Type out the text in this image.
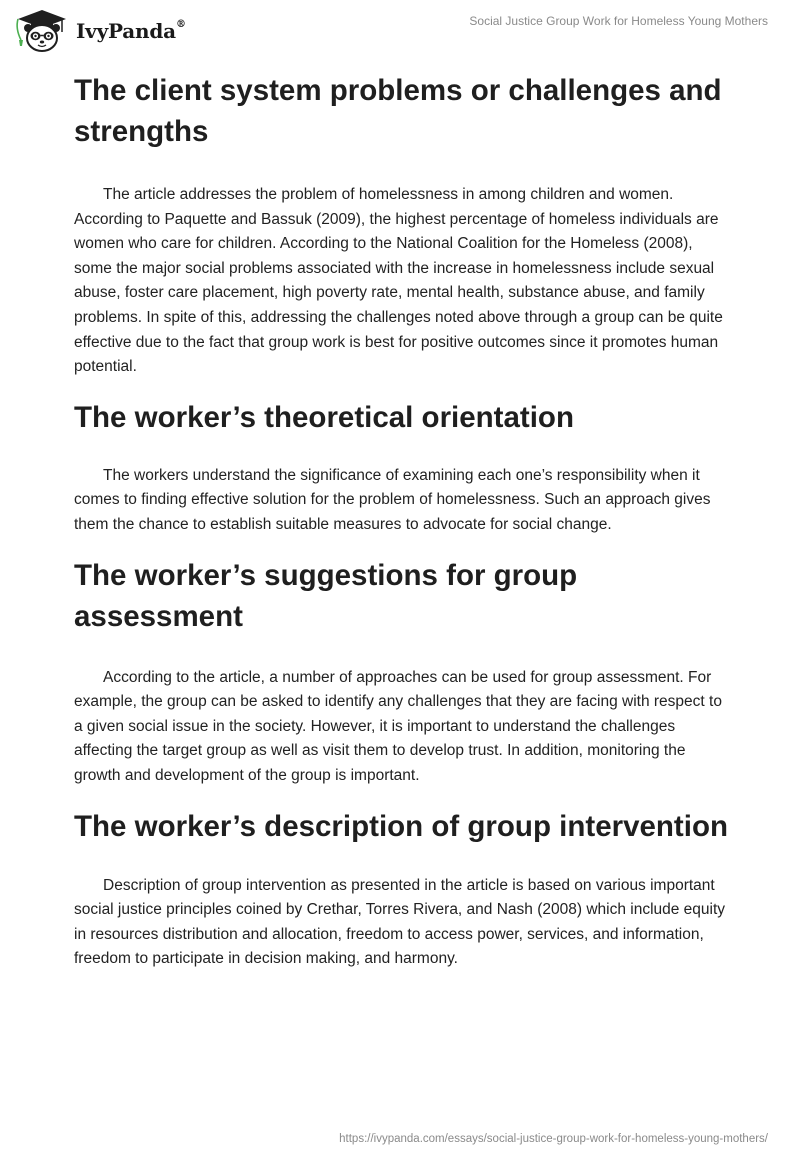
IvyPanda®	Social Justice Group Work for Homeless Young Mothers
The client system problems or challenges and strengths

The article addresses the problem of homelessness in among children and women. According to Paquette and Bassuk (2009), the highest percentage of homeless individuals are women who care for children. According to the National Coalition for the Homeless (2008), some the major social problems associated with the increase in homelessness include sexual abuse, foster care placement, high poverty rate, mental health, substance abuse, and family problems. In spite of this, addressing the challenges noted above through a group can be quite effective due to the fact that group work is best for positive outcomes since it promotes human potential.

The worker’s theoretical orientation

The workers understand the significance of examining each one’s responsibility when it comes to finding effective solution for the problem of homelessness. Such an approach gives them the chance to establish suitable measures to advocate for social change.

The worker’s suggestions for group assessment

According to the article, a number of approaches can be used for group assessment. For example, the group can be asked to identify any challenges that they are facing with respect to a given social issue in the society. However, it is important to understand the challenges affecting the target group as well as visit them to develop trust. In addition, monitoring the growth and development of the group is important.

The worker’s description of group intervention

Description of group intervention as presented in the article is based on various important social justice principles coined by Crethar, Torres Rivera, and Nash (2008) which include equity in resources distribution and allocation, freedom to access power, services, and information, freedom to participate in decision making, and harmony.

https://ivypanda.com/essays/social-justice-group-work-for-homeless-young-mothers/
